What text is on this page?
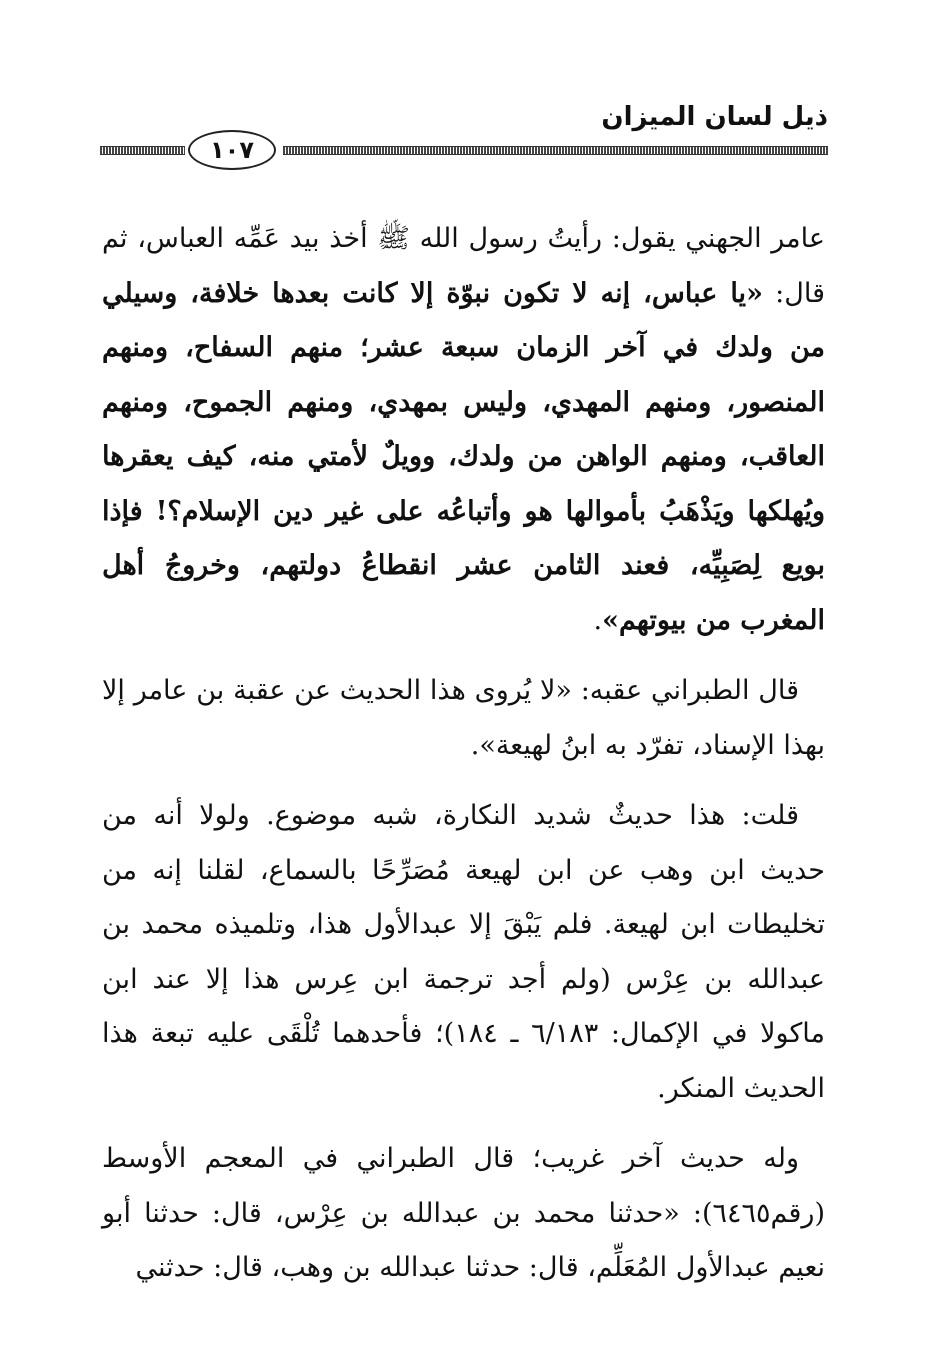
ذيل لسان الميزان
١٠٧

عامر الجهني يقول: رأيتُ رسول الله ﷺ أخذ بيد عَمِّه العباس، ثم قال: «يا عباس، إنه لا تكون نبوّة إلا كانت بعدها خلافة، وسيلي من ولدك في آخر الزمان سبعة عشر؛ منهم السفاح، ومنهم المنصور، ومنهم المهدي، وليس بمهدي، ومنهم الجموح، ومنهم العاقب، ومنهم الواهن من ولدك، وويلٌ لأمتي منه، كيف يعقرها ويُهلكها ويَذْهَبُ بأموالها هو وأتباعُه على غير دين الإسلام؟! فإذا بويع لِصَبِيِّه، فعند الثامن عشر انقطاعُ دولتهم، وخروجُ أهل المغرب من بيوتهم».

قال الطبراني عقبه: «لا يُروى هذا الحديث عن عقبة بن عامر إلا بهذا الإسناد، تفرّد به ابنُ لهيعة».

قلت: هذا حديثٌ شديد النكارة، شبه موضوع. ولولا أنه من حديث ابن وهب عن ابن لهيعة مُصَرِّحًا بالسماع، لقلنا إنه من تخليطات ابن لهيعة. فلم يَبْقَ إلا عبدالأول هذا، وتلميذه محمد بن عبدالله بن عِرْس (ولم أجد ترجمة ابن عِرس هذا إلا عند ابن ماكولا في الإكمال: ٦/١٨٣ ـ ١٨٤)؛ فأحدهما تُلْقَى عليه تبعة هذا الحديث المنكر.

وله حديث آخر غريب؛ قال الطبراني في المعجم الأوسط (رقم٦٤٦٥): «حدثنا محمد بن عبدالله بن عِرْس، قال: حدثنا أبو نعيم عبدالأول المُعَلِّم، قال: حدثنا عبدالله بن وهب، قال: حدثني
